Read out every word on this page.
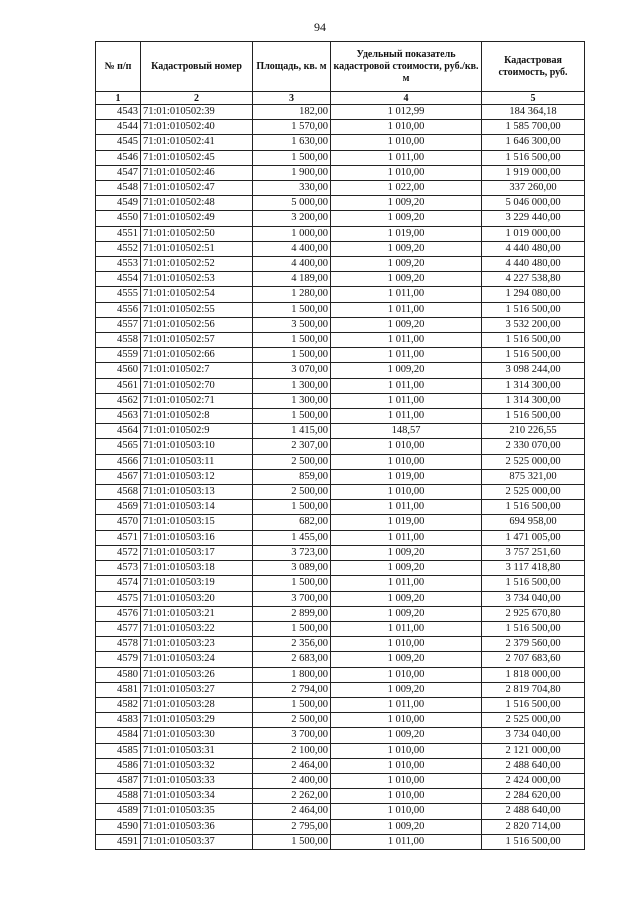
94
№ п/п	Кадастровый номер	Площадь, кв. м	Удельный показатель кадастровой стоимости, руб./кв. м	Кадастровая стоимость, руб.
1	2	3	4	5
4543	71:01:010502:39	182,00	1 012,99	184 364,18
4544	71:01:010502:40	1 570,00	1 010,00	1 585 700,00
4545	71:01:010502:41	1 630,00	1 010,00	1 646 300,00
4546	71:01:010502:45	1 500,00	1 011,00	1 516 500,00
4547	71:01:010502:46	1 900,00	1 010,00	1 919 000,00
4548	71:01:010502:47	330,00	1 022,00	337 260,00
4549	71:01:010502:48	5 000,00	1 009,20	5 046 000,00
4550	71:01:010502:49	3 200,00	1 009,20	3 229 440,00
4551	71:01:010502:50	1 000,00	1 019,00	1 019 000,00
4552	71:01:010502:51	4 400,00	1 009,20	4 440 480,00
4553	71:01:010502:52	4 400,00	1 009,20	4 440 480,00
4554	71:01:010502:53	4 189,00	1 009,20	4 227 538,80
4555	71:01:010502:54	1 280,00	1 011,00	1 294 080,00
4556	71:01:010502:55	1 500,00	1 011,00	1 516 500,00
4557	71:01:010502:56	3 500,00	1 009,20	3 532 200,00
4558	71:01:010502:57	1 500,00	1 011,00	1 516 500,00
4559	71:01:010502:66	1 500,00	1 011,00	1 516 500,00
4560	71:01:010502:7	3 070,00	1 009,20	3 098 244,00
4561	71:01:010502:70	1 300,00	1 011,00	1 314 300,00
4562	71:01:010502:71	1 300,00	1 011,00	1 314 300,00
4563	71:01:010502:8	1 500,00	1 011,00	1 516 500,00
4564	71:01:010502:9	1 415,00	148,57	210 226,55
4565	71:01:010503:10	2 307,00	1 010,00	2 330 070,00
4566	71:01:010503:11	2 500,00	1 010,00	2 525 000,00
4567	71:01:010503:12	859,00	1 019,00	875 321,00
4568	71:01:010503:13	2 500,00	1 010,00	2 525 000,00
4569	71:01:010503:14	1 500,00	1 011,00	1 516 500,00
4570	71:01:010503:15	682,00	1 019,00	694 958,00
4571	71:01:010503:16	1 455,00	1 011,00	1 471 005,00
4572	71:01:010503:17	3 723,00	1 009,20	3 757 251,60
4573	71:01:010503:18	3 089,00	1 009,20	3 117 418,80
4574	71:01:010503:19	1 500,00	1 011,00	1 516 500,00
4575	71:01:010503:20	3 700,00	1 009,20	3 734 040,00
4576	71:01:010503:21	2 899,00	1 009,20	2 925 670,80
4577	71:01:010503:22	1 500,00	1 011,00	1 516 500,00
4578	71:01:010503:23	2 356,00	1 010,00	2 379 560,00
4579	71:01:010503:24	2 683,00	1 009,20	2 707 683,60
4580	71:01:010503:26	1 800,00	1 010,00	1 818 000,00
4581	71:01:010503:27	2 794,00	1 009,20	2 819 704,80
4582	71:01:010503:28	1 500,00	1 011,00	1 516 500,00
4583	71:01:010503:29	2 500,00	1 010,00	2 525 000,00
4584	71:01:010503:30	3 700,00	1 009,20	3 734 040,00
4585	71:01:010503:31	2 100,00	1 010,00	2 121 000,00
4586	71:01:010503:32	2 464,00	1 010,00	2 488 640,00
4587	71:01:010503:33	2 400,00	1 010,00	2 424 000,00
4588	71:01:010503:34	2 262,00	1 010,00	2 284 620,00
4589	71:01:010503:35	2 464,00	1 010,00	2 488 640,00
4590	71:01:010503:36	2 795,00	1 009,20	2 820 714,00
4591	71:01:010503:37	1 500,00	1 011,00	1 516 500,00
